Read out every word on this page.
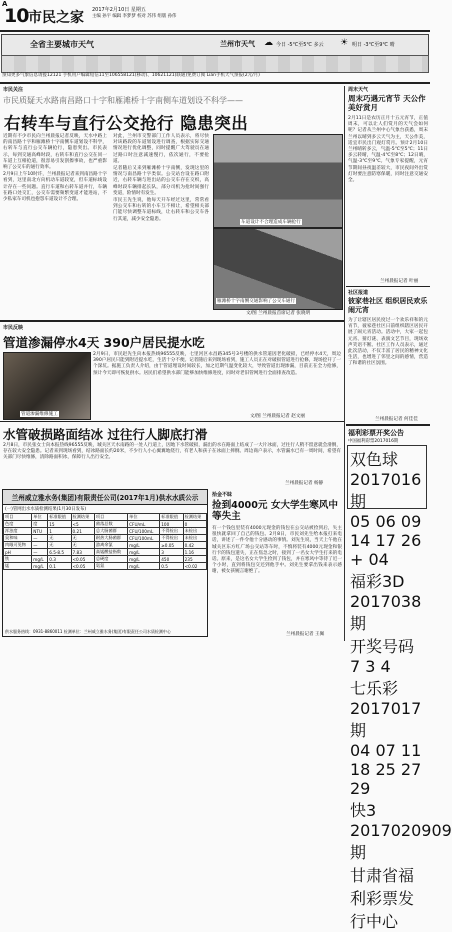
A
10 市民之家 2017年2月10日 星期五
主编 孙宇 编辑 李梦梦 校对 苏伟 组版 孙伟
全省主要城市天气	兰州市天气 ☁ 今日 -5℃至5℃ 多云 ☀ 明日 -3℃至9℃ 晴
预知更多气象信息请拨12121 手机用户编辑短信11至106558121(移动)、10621121(联通)免费订阅 Lian手机天气预报(2元/月)
市民关注
市民质疑天水路南昌路口十字和雁滩桥十字南侧车道划设不科学——
右转车与直行公交抢行 隐患突出

近期有不少市民向兰州晨报记者反映，天水中路上的南昌路十字和雁滩桥十字南侧车道划设不科学，右转车与直行公交车辆抢行，隐患突出。市民表示，每到交通高峰时段，右转车和直行公交在同一车道上互相抢道，很容易引发刮擦事故，也严重影响了公交车的通行效率。

2月9日上午10时许，兰州晨报记者来到南昌路十字看到，这里南北方向机动车道较宽，但车道标线设计存在一些问题。直行车道和右转车道并行，车辆在路口处交汇，公交车需要频繁变道才能进站，不少私家车司机也抱怨车道设计不合理。

对此，兰州市交警部门工作人员表示，将尽快对该路段的车道划设进行调查，根据实际交通情况进行优化调整，同时提醒广大驾驶员在通过路口时注意减速慢行，依次通行，不要抢道。

记者随后又来到雁滩桥十字南侧，发现这里的情况与南昌路十字类似。公交站台设在路口附近，右转车辆与进出站的公交车存在交织，高峰时段车辆排起长队，部分司机为抢时间强行变道，险情时有发生。

市民王先生说，他每天开车经过这里，常常看到公交车和右转的小车互不相让，希望相关部门能尽快调整车道标线，让右转车和公交车各行其道，减少安全隐患。

车道设计不合理造成车辆抢行
雁滩桥十字南侧交通影响了公交车通行
文/图 兰州晨报首席记者 张晓明
周末天气
周末巧遇元宵节 天公作美好赏月
2月11日是农历正月十五元宵节，正值周末，可以让人们赏月的天气会如何呢？记者从兰州中心气象台获悉，周末兰州以晴到多云天气为主，天公作美，适宜市民出门观灯赏月。预计2月10日兰州晴转多云，气温-5℃至5℃；11日多云转晴，气温-4℃至8℃；12日晴，气温-3℃至9℃。气象专家提醒，元宵节期间昼夜温差较大，市民夜间外出赏灯时要注意防寒保暖，同时注意交通安全。
兰州晨报记者 叶丽
社区报道
彼家巷社区 组织居民欢乐闹元宵
为了让辖区居民度过一个欢乐祥和的元宵节，彼家巷社区日前组织辖区居民开展了闹元宵活动。活动中，大家一起包元宵、猜灯谜、表演文艺节目，现场欢声笑语不断。社区工作人员表示，通过此次活动，不仅丰富了居民的精神文化生活，也增进了邻里之间的感情，营造了和谐的社区氛围。
兰州晨报记者 何佳佳
福利彩票开奖公告
中国福利彩票2017016期
双色球 2017016期
05 06 09 14 17 26 + 04
福彩3D 2017038期
开奖号码 7 3 4
七乐彩 2017017期
04 07 11 18 25 27 29
快3 2017020909期
甘肃省福利彩票发行中心
市民反映
管道渗漏停水4天 390户居民提水吃
管道渗漏维修施工
2月9日，市民赵先生向本报热线96555反映，七里河区永昌路345号3号楼的供水管道因老化破损，已经停水4天，周边390户居民只能到附近提水吃，生活十分不便。记者随后来到现场看到，施工人员正在对破损管道进行抢修，现场挖开了一个深坑。据施工负责人介绍，由于管道埋设时间较长，加之近期气温变化较大，导致管道出现渗漏，目前正在全力抢修，预计今天即可恢复供水。居民们希望供水部门能够加快维修进度，同时对老旧管网进行全面排查改造。
文/图 兰州晨报记者 赵文丽
水管破损路面结冰 过往行人脚底打滑
2月8日，市民张女士向本报热线96555反映，城关区天水南路的一处人行道上，因地下水管破损，漏出的水在路面上结成了一大片冰面，过往行人稍不留意就会滑倒，存在较大安全隐患。记者来到现场看到，结冰路面长约20米，不少行人小心翼翼地绕行，有老人和孩子在冰面上摔倒。周边商户表示，水管漏水已有一周时间，希望有关部门尽快维修，清除路面积冰，保障行人出行安全。
兰州晨报记者 杨静
兰州威立雅水务(集团)有限责任公司(2017年1月)供水水质公示
(一)管网出水水质检测结果(1月30日发布)
项目	单位	标准限值	检测结果	项目	单位	标准限值	检测结果
色度	度	15	<5	菌落总数	CFU/mL	100	0
浑浊度	NTU	1	0.21	总大肠菌群	CFU/100mL	不得检出	未检出
臭和味	—	无	无	耐热大肠菌群	CFU/100mL	不得检出	未检出
肉眼可见物	—	无	无	游离余氯	mg/L	≥0.05	0.42
pH	—	6.5-8.5	7.83	高锰酸盐指数	mg/L	3	1.16
铁	mg/L	0.3	<0.05	总硬度	mg/L	450	235
锰	mg/L	0.1	<0.05	氨氮	mg/L	0.5	<0.02
供水服务热线：0931-8860011 检测单位：兰州威立雅水务(集团)有限责任公司水质检测中心
拾金不昧
捡到4000元 女大学生寒风中等失主
有一个钱包里装有4000元现金的钱包在公交站被捡到后，失主很快就拿回了自己的钱包。2月8日，市民刘先生给本报打来电话，讲述了一件令他十分感动的事情。刘先生说，当天上午他在城关区东方红广场公交站等车时，不慎将装有4000元现金和银行卡的钱包遗失，正在焦急之时，接到了一名女大学生打来的电话。原来，是这名女大学生捡到了钱包，并在寒风中等待了近一个小时，直到将钱包交还到他手中。刘先生要拿出钱来表示感谢，被女孩婉言谢绝了。
兰州晨报记者 王佩
